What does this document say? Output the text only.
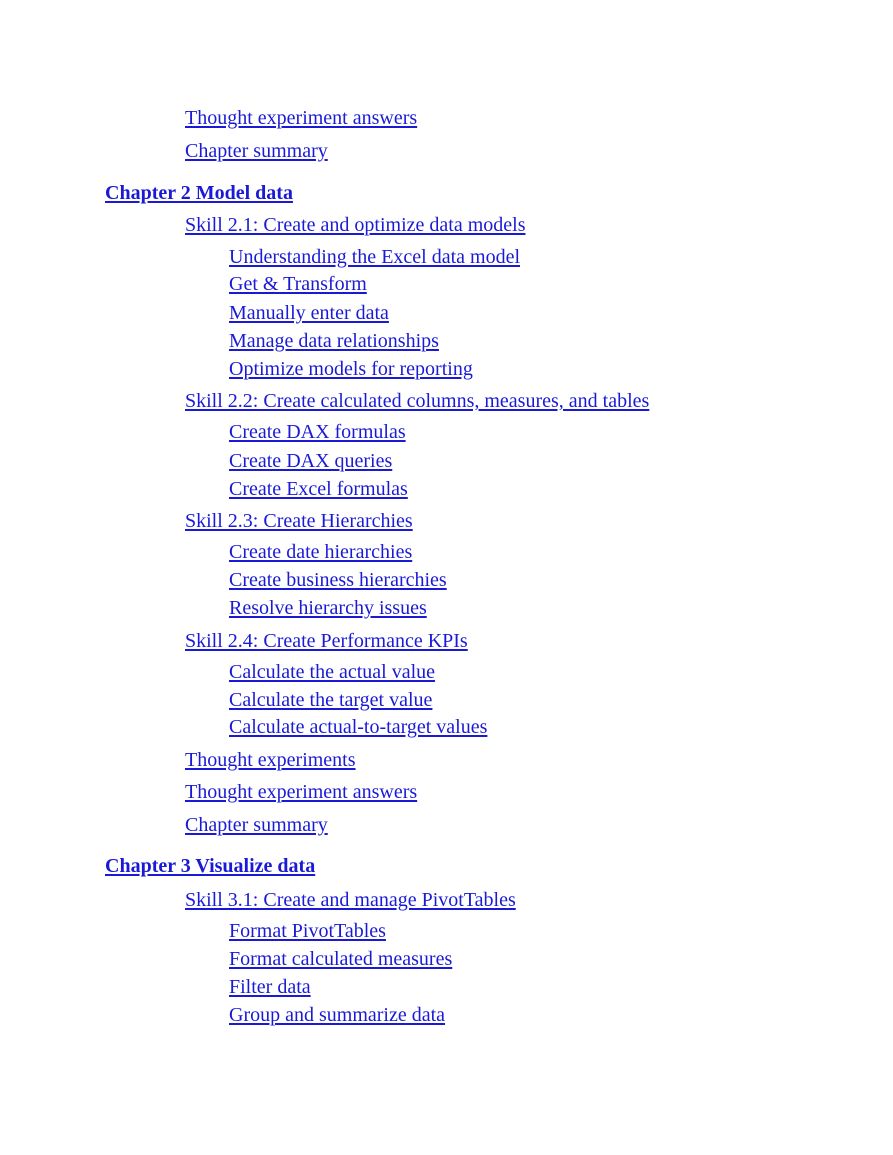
Thought experiment answers
Chapter summary
Chapter 2 Model data
Skill 2.1: Create and optimize data models
Understanding the Excel data model
Get & Transform
Manually enter data
Manage data relationships
Optimize models for reporting
Skill 2.2: Create calculated columns, measures, and tables
Create DAX formulas
Create DAX queries
Create Excel formulas
Skill 2.3: Create Hierarchies
Create date hierarchies
Create business hierarchies
Resolve hierarchy issues
Skill 2.4: Create Performance KPIs
Calculate the actual value
Calculate the target value
Calculate actual-to-target values
Thought experiments
Thought experiment answers
Chapter summary
Chapter 3 Visualize data
Skill 3.1: Create and manage PivotTables
Format PivotTables
Format calculated measures
Filter data
Group and summarize data
